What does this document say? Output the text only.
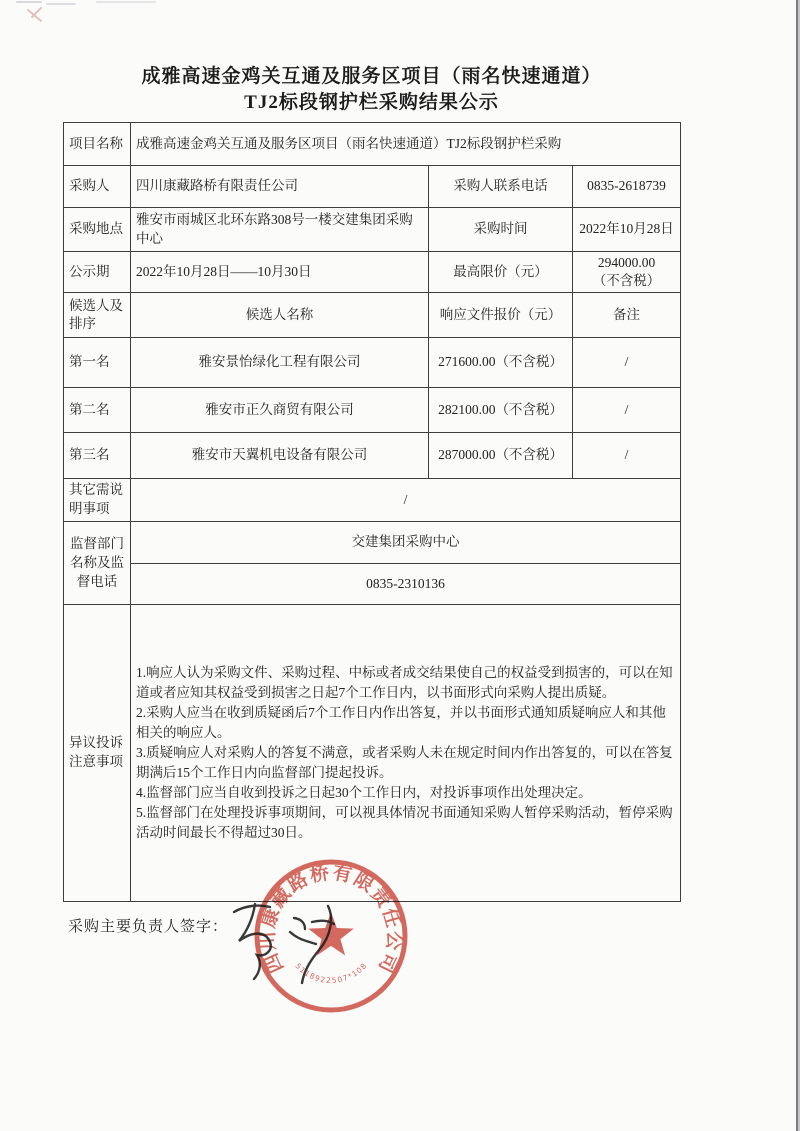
成雅高速金鸡关互通及服务区项目（雨名快速通道）
TJ2标段钢护栏采购结果公示
项目名称	成雅高速金鸡关互通及服务区项目（雨名快速通道）TJ2标段钢护栏采购		
采购人	四川康藏路桥有限责任公司	采购人联系电话	0835-2618739
采购地点	雅安市雨城区北环东路308号一楼交建集团采购中心	采购时间	2022年10月28日
公示期	2022年10月28日——10月30日	最高限价（元）	294000.00
（不含税）

候选人及排序	候选人名称	响应文件报价（元）	备注
第一名	雅安景怡绿化工程有限公司	271600.00（不含税）	/
第二名	雅安市正久商贸有限公司	282100.00（不含税）	/
第三名	雅安市天翼机电设备有限公司	287000.00（不含税）	/
其它需说明事项	/		
监督部门名称及监督电话	交建集团采购中心		
	0835-2310136		
异议投诉注意事项	1.响应人认为采购文件、采购过程、中标或者成交结果使自己的权益受到损害的，可以在知道或者应知其权益受到损害之日起7个工作日内，以书面形式向采购人提出质疑。

2.采购人应当在收到质疑函后7个工作日内作出答复，并以书面形式通知质疑响应人和其他相关的响应人。

3.质疑响应人对采购人的答复不满意，或者采购人未在规定时间内作出答复的，可以在答复期满后15个工作日内向监督部门提起投诉。

4.监督部门应当自收到投诉之日起30个工作日内，对投诉事项作出处理决定。

5.监督部门在处理投诉事项期间，可以视具体情况书面通知采购人暂停采购活动，暂停采购活动时间最长不得超过30日。		

采购主要负责人签字：
四川康藏路桥有限责任公司
5118922507*108
